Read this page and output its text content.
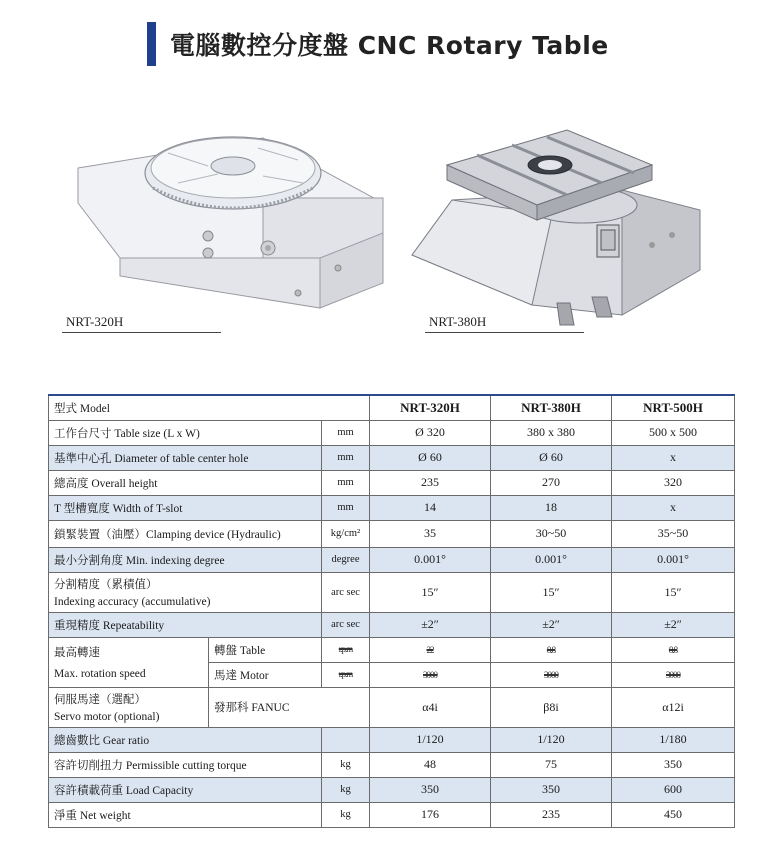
電腦數控分度盤 CNC Rotary Table
NRT-320H	NRT-380H
型式 Model			NRT-320H	NRT-380H	NRT-500H
工作台尺寸 Table size (L x W)		mm	Ø 320	380 x 380	500 x 500
基準中心孔 Diameter of table center hole		mm	Ø 60	Ø 60	x
總高度 Overall height		mm	235	270	320
T 型槽寬度 Width of T-slot		mm	14	18	x
鎖緊裝置（油壓）Clamping device (Hydraulic)		kg/cm²	35	30~50	35~50
最小分割角度 Min. indexing degree		degree	0.001°	0.001°	0.001°

分割精度（累積值）
Indexing accuracy (accumulative)		arc sec	15″	15″	15″
重現精度 Repeatability		arc sec	±2″	±2″	±2″

最高轉速
Max. rotation speed	轉盤 Table	r.p.m	22	8.8	8.8
	馬達 Motor	r.p.m	3000	3000	3000

伺服馬達（選配）
Servo motor (optional)	發那科 FANUC		α4i	β8i	α12i
總齒數比 Gear ratio			1/120	1/120	1/180
容許切削扭力 Permissible cutting torque		kg	48	75	350
容許積載荷重 Load Capacity		kg	350	350	600
淨重 Net weight		kg	176	235	450
